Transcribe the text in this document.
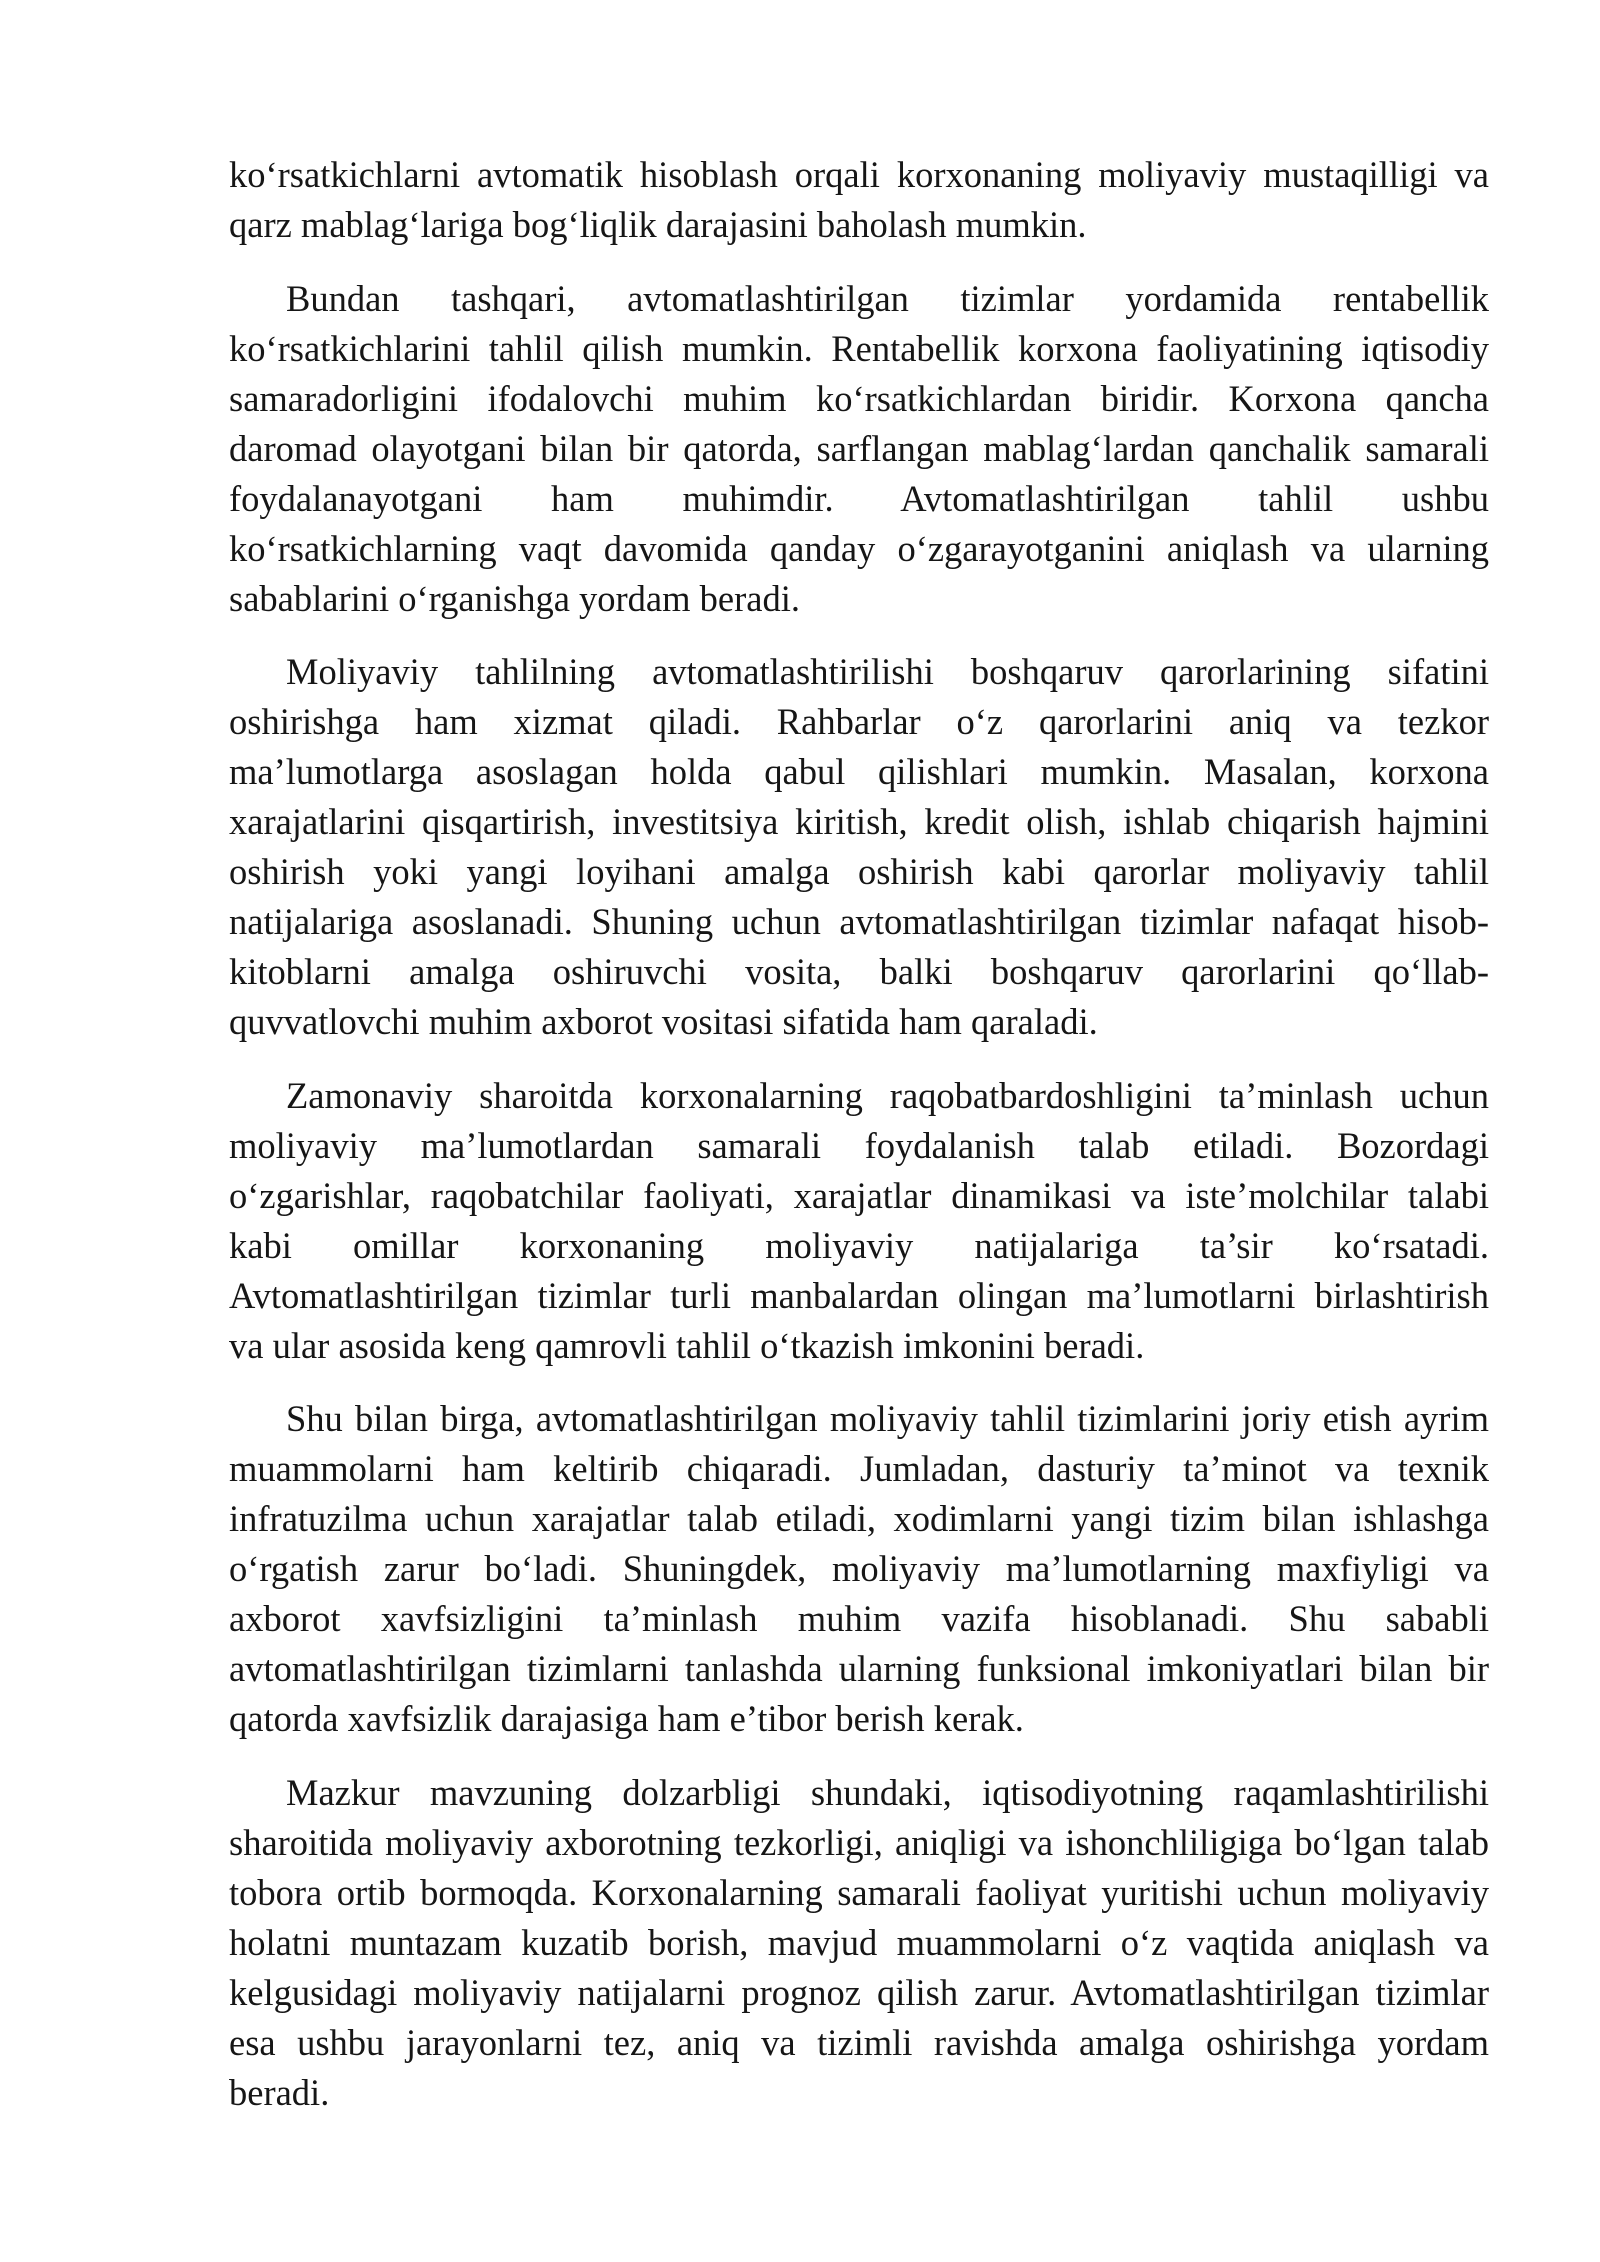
ko‘rsatkichlarni avtomatik hisoblash orqali korxonaning moliyaviy mustaqilligi va
qarz mablag‘lariga bog‘liqlik darajasini baholash mumkin.
Bundan tashqari, avtomatlashtirilgan tizimlar yordamida rentabellik
ko‘rsatkichlarini tahlil qilish mumkin. Rentabellik korxona faoliyatining iqtisodiy
samaradorligini ifodalovchi muhim ko‘rsatkichlardan biridir. Korxona qancha
daromad olayotgani bilan bir qatorda, sarflangan mablag‘lardan qanchalik samarali
foydalanayotgani ham muhimdir. Avtomatlashtirilgan tahlil ushbu
ko‘rsatkichlarning vaqt davomida qanday o‘zgarayotganini aniqlash va ularning
sabablarini o‘rganishga yordam beradi.
Moliyaviy tahlilning avtomatlashtirilishi boshqaruv qarorlarining sifatini
oshirishga ham xizmat qiladi. Rahbarlar o‘z qarorlarini aniq va tezkor
ma’lumotlarga asoslagan holda qabul qilishlari mumkin. Masalan, korxona
xarajatlarini qisqartirish, investitsiya kiritish, kredit olish, ishlab chiqarish hajmini
oshirish yoki yangi loyihani amalga oshirish kabi qarorlar moliyaviy tahlil
natijalariga asoslanadi. Shuning uchun avtomatlashtirilgan tizimlar nafaqat hisob-
kitoblarni amalga oshiruvchi vosita, balki boshqaruv qarorlarini qo‘llab-
quvvatlovchi muhim axborot vositasi sifatida ham qaraladi.
Zamonaviy sharoitda korxonalarning raqobatbardoshligini ta’minlash uchun
moliyaviy ma’lumotlardan samarali foydalanish talab etiladi. Bozordagi
o‘zgarishlar, raqobatchilar faoliyati, xarajatlar dinamikasi va iste’molchilar talabi
kabi omillar korxonaning moliyaviy natijalariga ta’sir ko‘rsatadi.
Avtomatlashtirilgan tizimlar turli manbalardan olingan ma’lumotlarni birlashtirish
va ular asosida keng qamrovli tahlil o‘tkazish imkonini beradi.
Shu bilan birga, avtomatlashtirilgan moliyaviy tahlil tizimlarini joriy etish ayrim
muammolarni ham keltirib chiqaradi. Jumladan, dasturiy ta’minot va texnik
infratuzilma uchun xarajatlar talab etiladi, xodimlarni yangi tizim bilan ishlashga
o‘rgatish zarur bo‘ladi. Shuningdek, moliyaviy ma’lumotlarning maxfiyligi va
axborot xavfsizligini ta’minlash muhim vazifa hisoblanadi. Shu sababli
avtomatlashtirilgan tizimlarni tanlashda ularning funksional imkoniyatlari bilan bir
qatorda xavfsizlik darajasiga ham e’tibor berish kerak.
Mazkur mavzuning dolzarbligi shundaki, iqtisodiyotning raqamlashtirilishi
sharoitida moliyaviy axborotning tezkorligi, aniqligi va ishonchliligiga bo‘lgan talab
tobora ortib bormoqda. Korxonalarning samarali faoliyat yuritishi uchun moliyaviy
holatni muntazam kuzatib borish, mavjud muammolarni o‘z vaqtida aniqlash va
kelgusidagi moliyaviy natijalarni prognoz qilish zarur. Avtomatlashtirilgan tizimlar
esa ushbu jarayonlarni tez, aniq va tizimli ravishda amalga oshirishga yordam
beradi.
